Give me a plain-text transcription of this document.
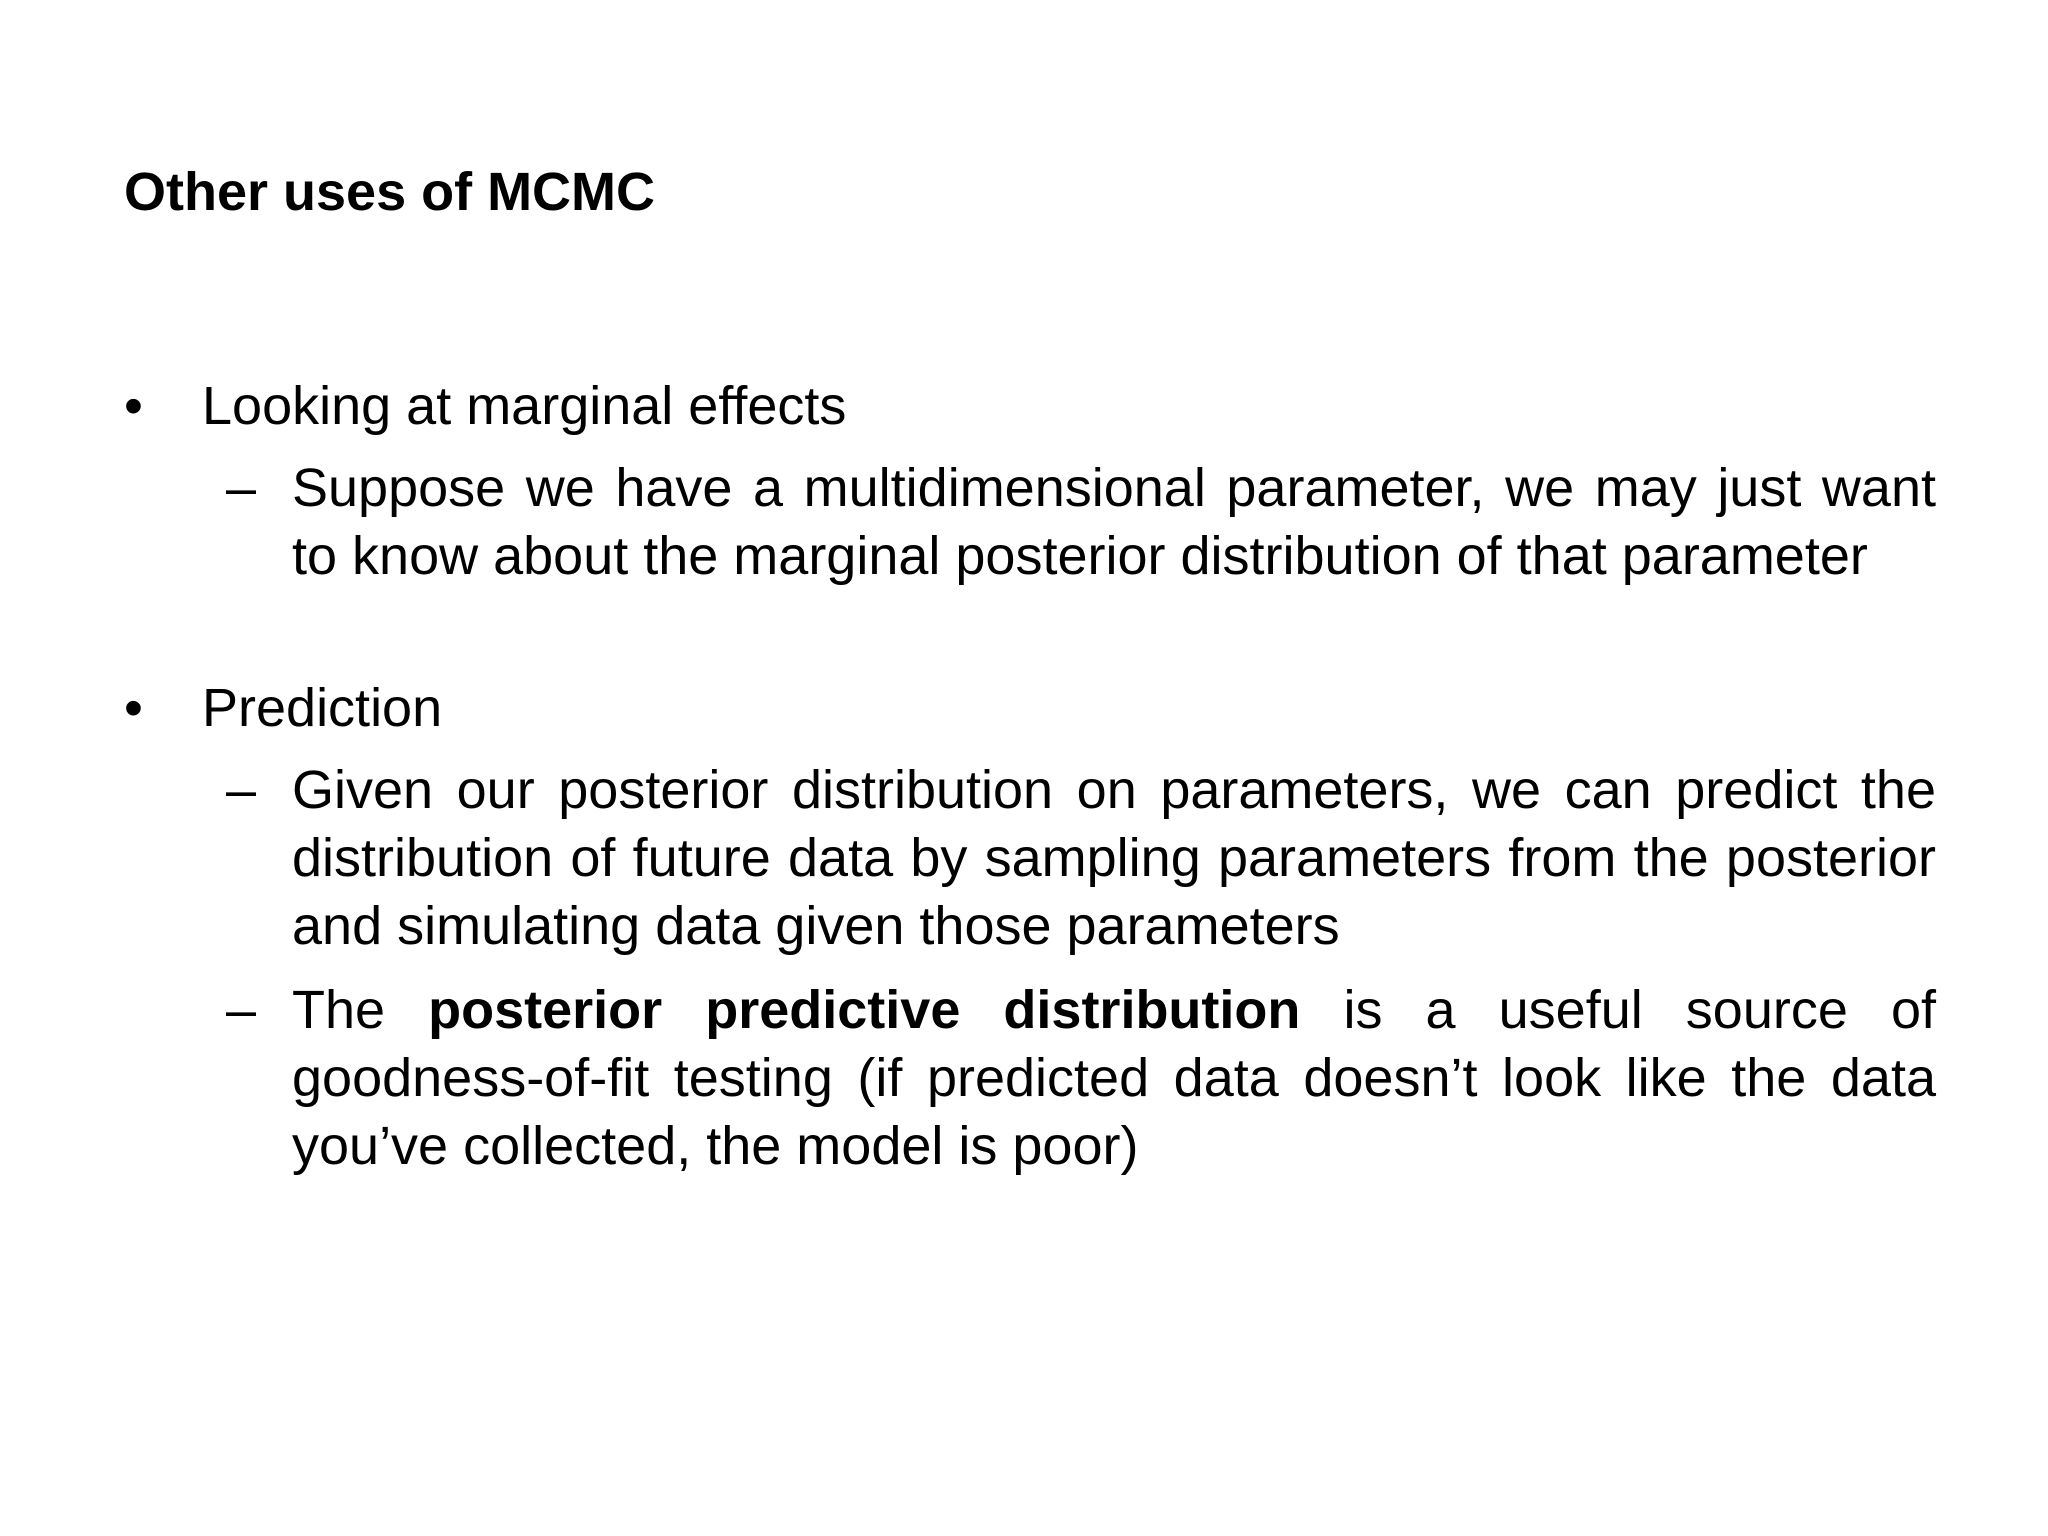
Other uses of MCMC
•	Looking at marginal effects
– Suppose we have a multidimensional parameter, we may just want to know about the marginal posterior distribution of that parameter
•	Prediction
– Given our posterior distribution on parameters, we can predict the distribution of future data by sampling parameters from the posterior and simulating data given those parameters
– The posterior predictive distribution is a useful source of goodness-of-fit testing (if predicted data doesn’t look like the data you’ve collected, the model is poor)
